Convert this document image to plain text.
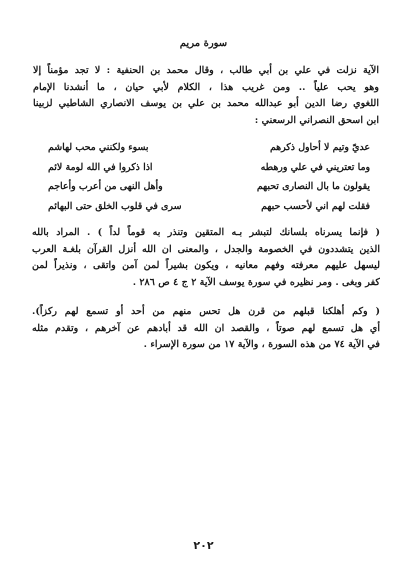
سورة مريم
الآية نزلت في علي بن أبي طالب ، وقال محمد بن الحنفية : لا تجد مؤمناً إلا
وهو يحب علياً .. ومن غريب هذا ، الكلام لأبي حيان ، ما أنشدنا الإمام
اللغوي رضا الدين أبو عبدالله محمد بن علي بن يوسف الانصاري الشاطبي لزبينا
ابن اسحق النصراني الرسعني :
عديّ وتيم لا أحاول ذكرهم
بسوء ولكنني محب لهاشم
وما تعتريني في علي ورهطه
اذا ذكروا في الله لومة لائم
يقولون ما بال النصارى تحبهم
وأهل النهى من أعرب وأعاجم
فقلت لهم اني لأحسب حبهم
سرى في قلوب الخلق حتى البهائم
( فإنما يسرناه بلسانك لتبشر بـه المتقين وتنذر به قوماً لداً ) . المراد بالله
الذين يتشددون في الخصومة والجدل ، والمعنى ان الله أنزل القرآن بلغـة العرب
ليسهل عليهم معرفته وفهم معانيه ، ويكون بشيراً لمن آمن واتقى ، ونذيراً لمن
كفر وبغى . ومر نظيره في سورة يوسف الآية ٢ ج ٤ ص ٢٨٦ .
( وكم أهلكنا قبلهم من قرن هل تحس منهم من أحد أو تسمع لهم ركزاً).
أي هل تسمع لهم صوتاً ، والقصد ان الله قد أبادهم عن آخرهم ، وتقدم مثله
في الآية ٧٤ من هذه السورة ، والآية ١٧ من سورة الإسراء .
٢٠٢
